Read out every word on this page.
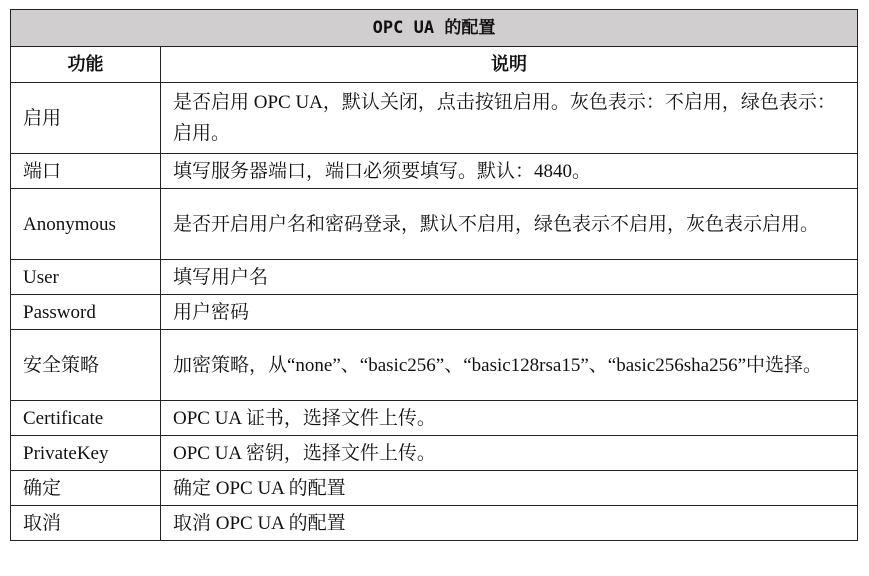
OPC UA 的配置	
功能	说明
启用	是否启用 OPC UA，默认关闭，点击按钮启用。灰色表示：不启用，绿色表示：启用。
端口	填写服务器端口，端口必须要填写。默认：4840。
Anonymous	是否开启用户名和密码登录，默认不启用，绿色表示不启用，灰色表示启用。
User	填写用户名
Password	用户密码
安全策略	加密策略，从“none”、“basic256”、“basic128rsa15”、“basic256sha256”中选择。
Certificate	OPC UA 证书，选择文件上传。
PrivateKey	OPC UA 密钥，选择文件上传。
确定	确定 OPC UA 的配置
取消	取消 OPC UA 的配置
